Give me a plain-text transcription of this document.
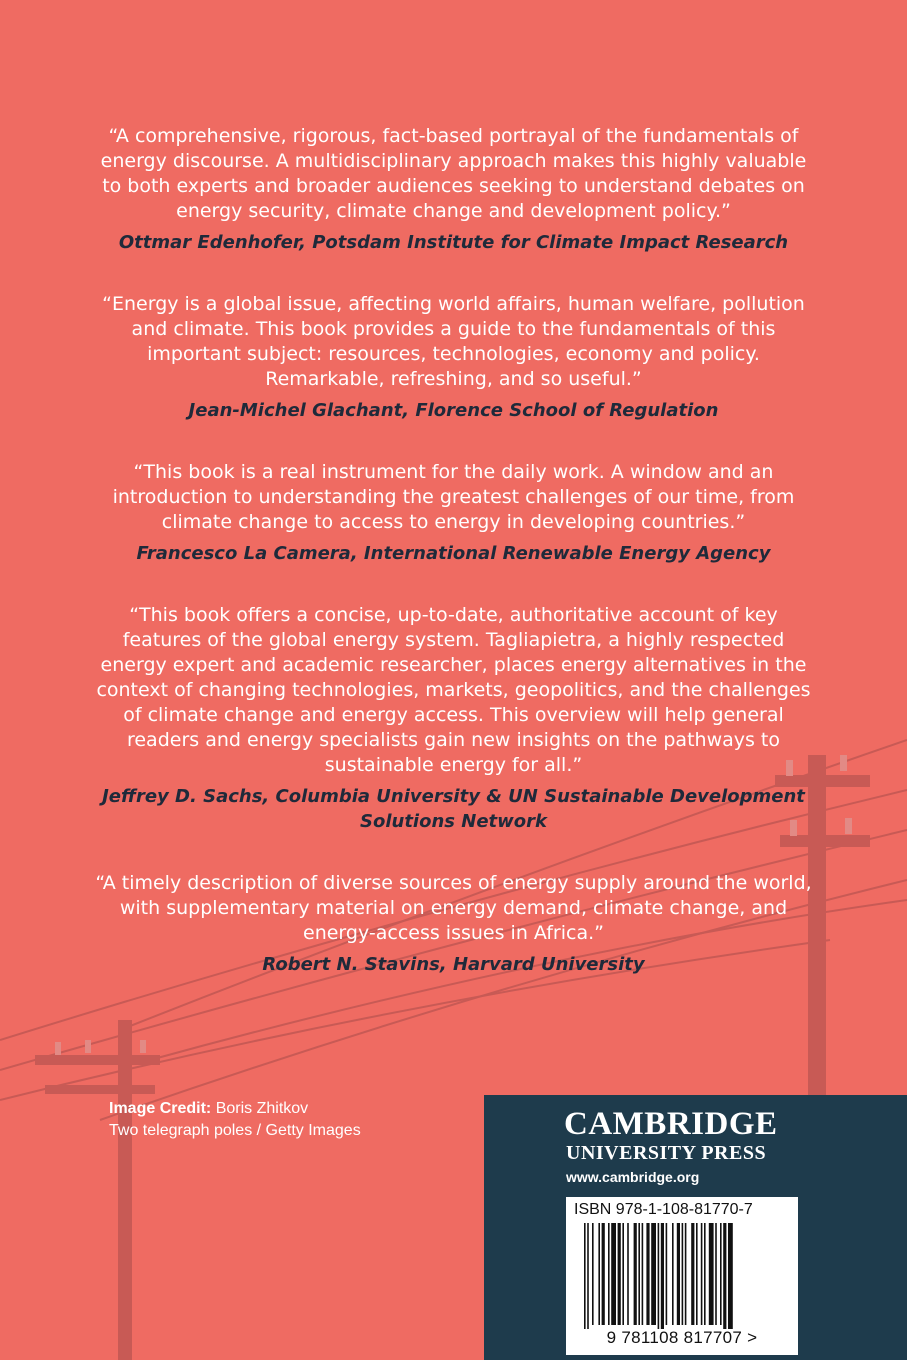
“A comprehensive, rigorous, fact-based portrayal of the fundamentals of energy discourse. A multidisciplinary approach makes this highly valuable to both experts and broader audiences seeking to understand debates on energy security, climate change and development policy.”

Ottmar Edenhofer, Potsdam Institute for Climate Impact Research

“Energy is a global issue, affecting world affairs, human welfare, pollution and climate. This book provides a guide to the fundamentals of this important subject: resources, technologies, economy and policy. Remarkable, refreshing, and so useful.”

Jean-Michel Glachant, Florence School of Regulation

“This book is a real instrument for the daily work. A window and an introduction to understanding the greatest challenges of our time, from climate change to access to energy in developing countries.”

Francesco La Camera, International Renewable Energy Agency

“This book offers a concise, up-to-date, authoritative account of key features of the global energy system. Tagliapietra, a highly respected energy expert and academic researcher, places energy alternatives in the context of changing technologies, markets, geopolitics, and the challenges of climate change and energy access. This overview will help general readers and energy specialists gain new insights on the pathways to sustainable energy for all.”

Jeffrey D. Sachs, Columbia University & UN Sustainable Development Solutions Network

“A timely description of diverse sources of energy supply around the world, with supplementary material on energy demand, climate change, and energy-access issues in Africa.”

Robert N. Stavins, Harvard University

Image Credit: Boris Zhitkov
Two telegraph poles / Getty Images	CAMBRIDGE

UNIVERSITY PRESS

www.cambridge.org

ISBN 978-1-108-81770-7
9 781108 817707 >
